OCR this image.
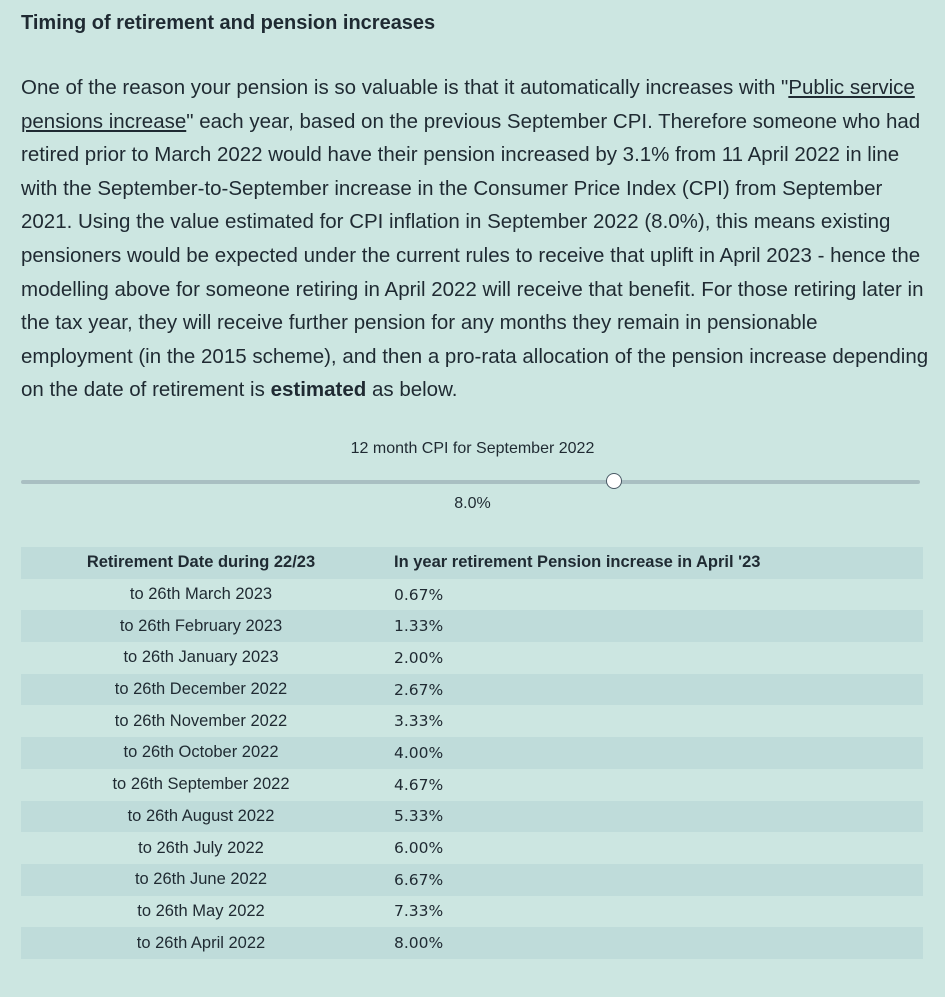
Timing of retirement and pension increases

One of the reason your pension is so valuable is that it automatically increases with "Public service pensions increase" each year, based on the previous September CPI. Therefore someone who had retired prior to March 2022 would have their pension increased by 3.1% from 11 April 2022 in line with the September-to-September increase in the Consumer Price Index (CPI) from September 2021. Using the value estimated for CPI inflation in September 2022 (8.0%), this means existing pensioners would be expected under the current rules to receive that uplift in April 2023 - hence the modelling above for someone retiring in April 2022 will receive that benefit. For those retiring later in the tax year, they will receive further pension for any months they remain in pensionable employment (in the 2015 scheme), and then a pro-rata allocation of the pension increase depending on the date of retirement is estimated as below.

12 month CPI for September 2022
8.0%
Retirement Date during 22/23	In year retirement Pension increase in April '23
to 26th March 2023	0.67%
to 26th February 2023	1.33%
to 26th January 2023	2.00%
to 26th December 2022	2.67%
to 26th November 2022	3.33%
to 26th October 2022	4.00%
to 26th September 2022	4.67%
to 26th August 2022	5.33%
to 26th July 2022	6.00%
to 26th June 2022	6.67%
to 26th May 2022	7.33%
to 26th April 2022	8.00%
